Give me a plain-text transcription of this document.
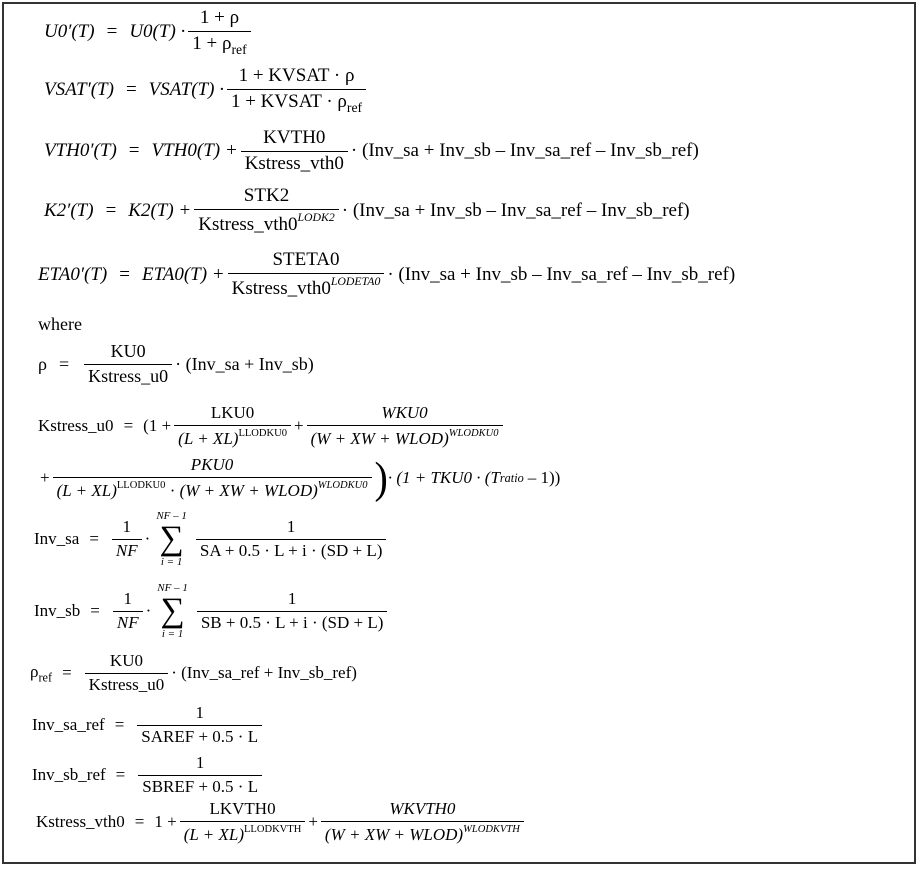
$U0'(T) = U0(T) \cdot \frac{1 + \rho}{1 + \rho_{ref}}$
VSAT′(T) = VSAT(T) · $\frac{\text{1 + KVSAT · ρ}}{1 + KVSAT \cdot \rho_{ref}}$
$VTH0'(T) = VTH0(T) + \frac{\text{KVTH0}}{\text{Kstress\_vth0}}$ · (Inv_sa + Inv_sb – Inv_sa_ref – Inv_sb_ref)
$K2'(T) = K2(T) + \frac{\text{STK2}}{Kstress\_vth0^{LODK2}}$ · (Inv_sa + Inv_sb – Inv_sa_ref – Inv_sb_ref)
$ETA0'(T) = ETA0(T) + \frac{\text{STETA0}}{Kstress\_vth0^{LODETA0}}$ · (Inv_sa + Inv_sb – Inv_sa_ref – Inv_sb_ref)
where
$\rho = \frac{KU0}{\text{Kstress\_u0}}$ · (Inv_sa + Inv_sb)
Kstress_u0 = ($1 + \frac{\text{LKU0}}{(L + XL)^{LLODKU0}} + \frac{\text{WKU0}}{(W + XW + WLOD)^{WLODKU0}}$
+ $\frac{\text{PKU0}}{(L + XL)^{LLODKU0} \cdot (W + XW + WLOD)^{WLODKU0}}$ ) · (1 + TKU0 · (T ratio – 1))
Inv_sa = $\frac{1}{NF}$ ·
NF – 1
∑
i = 1
$\frac{1}{SA + 0.5 \cdot L + i \cdot (SD + L)}$
Inv_sb = $\frac{1}{NF}$ ·
NF – 1
∑
i = 1
$\frac{1}{SB + 0.5 \cdot L + i \cdot (SD + L)}$
$\rho_{ref} = \frac{KU0}{\text{Kstress\_u0}}$ · (Inv_sa_ref + Inv_sb_ref)
Inv_sa_ref = $\frac{1}{\text{SAREF + 0.5 · L}}$
Inv_sb_ref = $\frac{1}{\text{SBREF + 0.5 · L}}$
Kstress_vth0 = $1 + \frac{\text{LKVTH0}}{(L + XL)^{LLODKVTH}} + \frac{\text{WKVTH0}}{(W + XW + WLOD)^{WLODKVTH}}$
